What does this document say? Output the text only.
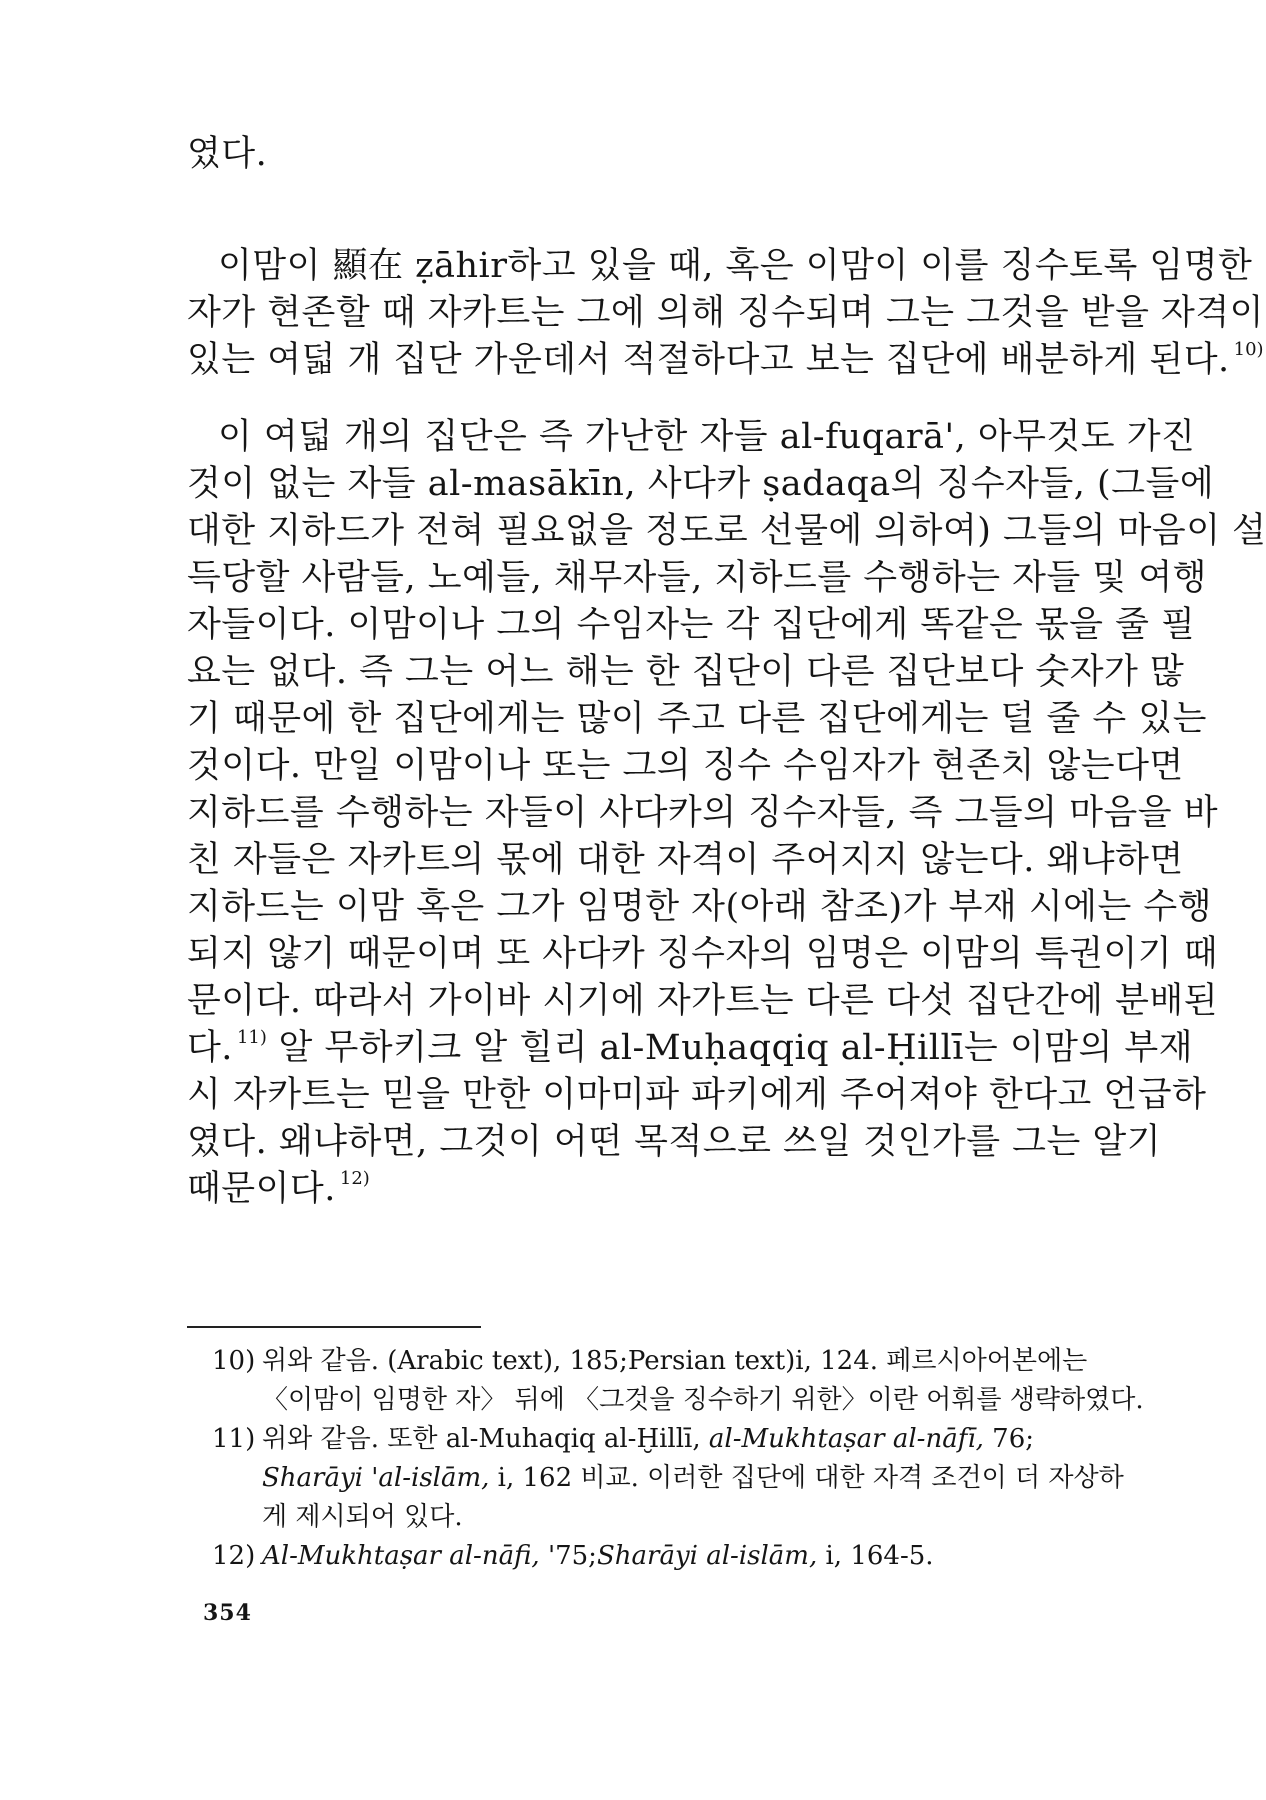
였다.
이맘이 顯在 ẓāhir하고 있을 때, 혹은 이맘이 이를 징수토록 임명한
자가 현존할 때 자카트는 그에 의해 징수되며 그는 그것을 받을 자격이
있는 여덟 개 집단 가운데서 적절하다고 보는 집단에 배분하게 된다. $^{10)}$
이 여덟 개의 집단은 즉 가난한 자들 al-fuqarā', 아무것도 가진
것이 없는 자들 al-masākīn, 사다카 ṣadaqa의 징수자들, (그들에
대한 지하드가 전혀 필요없을 정도로 선물에 의하여) 그들의 마음이 설
득당할 사람들, 노예들, 채무자들, 지하드를 수행하는 자들 및 여행
자들이다. 이맘이나 그의 수임자는 각 집단에게 똑같은 몫을 줄 필
요는 없다. 즉 그는 어느 해는 한 집단이 다른 집단보다 숫자가 많
기 때문에 한 집단에게는 많이 주고 다른 집단에게는 덜 줄 수 있는
것이다. 만일 이맘이나 또는 그의 징수 수임자가 현존치 않는다면
지하드를 수행하는 자들이 사다카의 징수자들, 즉 그들의 마음을 바
친 자들은 자카트의 몫에 대한 자격이 주어지지 않는다. 왜냐하면
지하드는 이맘 혹은 그가 임명한 자(아래 참조)가 부재 시에는 수행
되지 않기 때문이며 또 사다카 징수자의 임명은 이맘의 특권이기 때
문이다. 따라서 가이바 시기에 자가트는 다른 다섯 집단간에 분배된
다. $^{11)}$ 알 무하키크 알 힐리 al-Muḥaqqiq al-Ḥillī는 이맘의 부재
시 자카트는 믿을 만한 이마미파 파키에게 주어져야 한다고 언급하
였다. 왜냐하면, 그것이 어떤 목적으로 쓰일 것인가를 그는 알기
때문이다. $^{12)}$
10) 위와 같음. (Arabic text), 185;Persian text)i, 124. 페르시아어본에는
〈이맘이 임명한 자〉 뒤에 〈그것을 징수하기 위한〉이란 어휘를 생략하였다.
11) 위와 같음. 또한 al-Muhaqiq al-Ḫillī, al-Mukhtaṣar al-nāfī, 76;
Sharāyi 'al-islām, i, 162 비교. 이러한 집단에 대한 자격 조건이 더 자상하
게 제시되어 있다.
12) Al-Mukhtaṣar al-nāfi, '75;Sharāyi al-islām, i, 164-5.
354
